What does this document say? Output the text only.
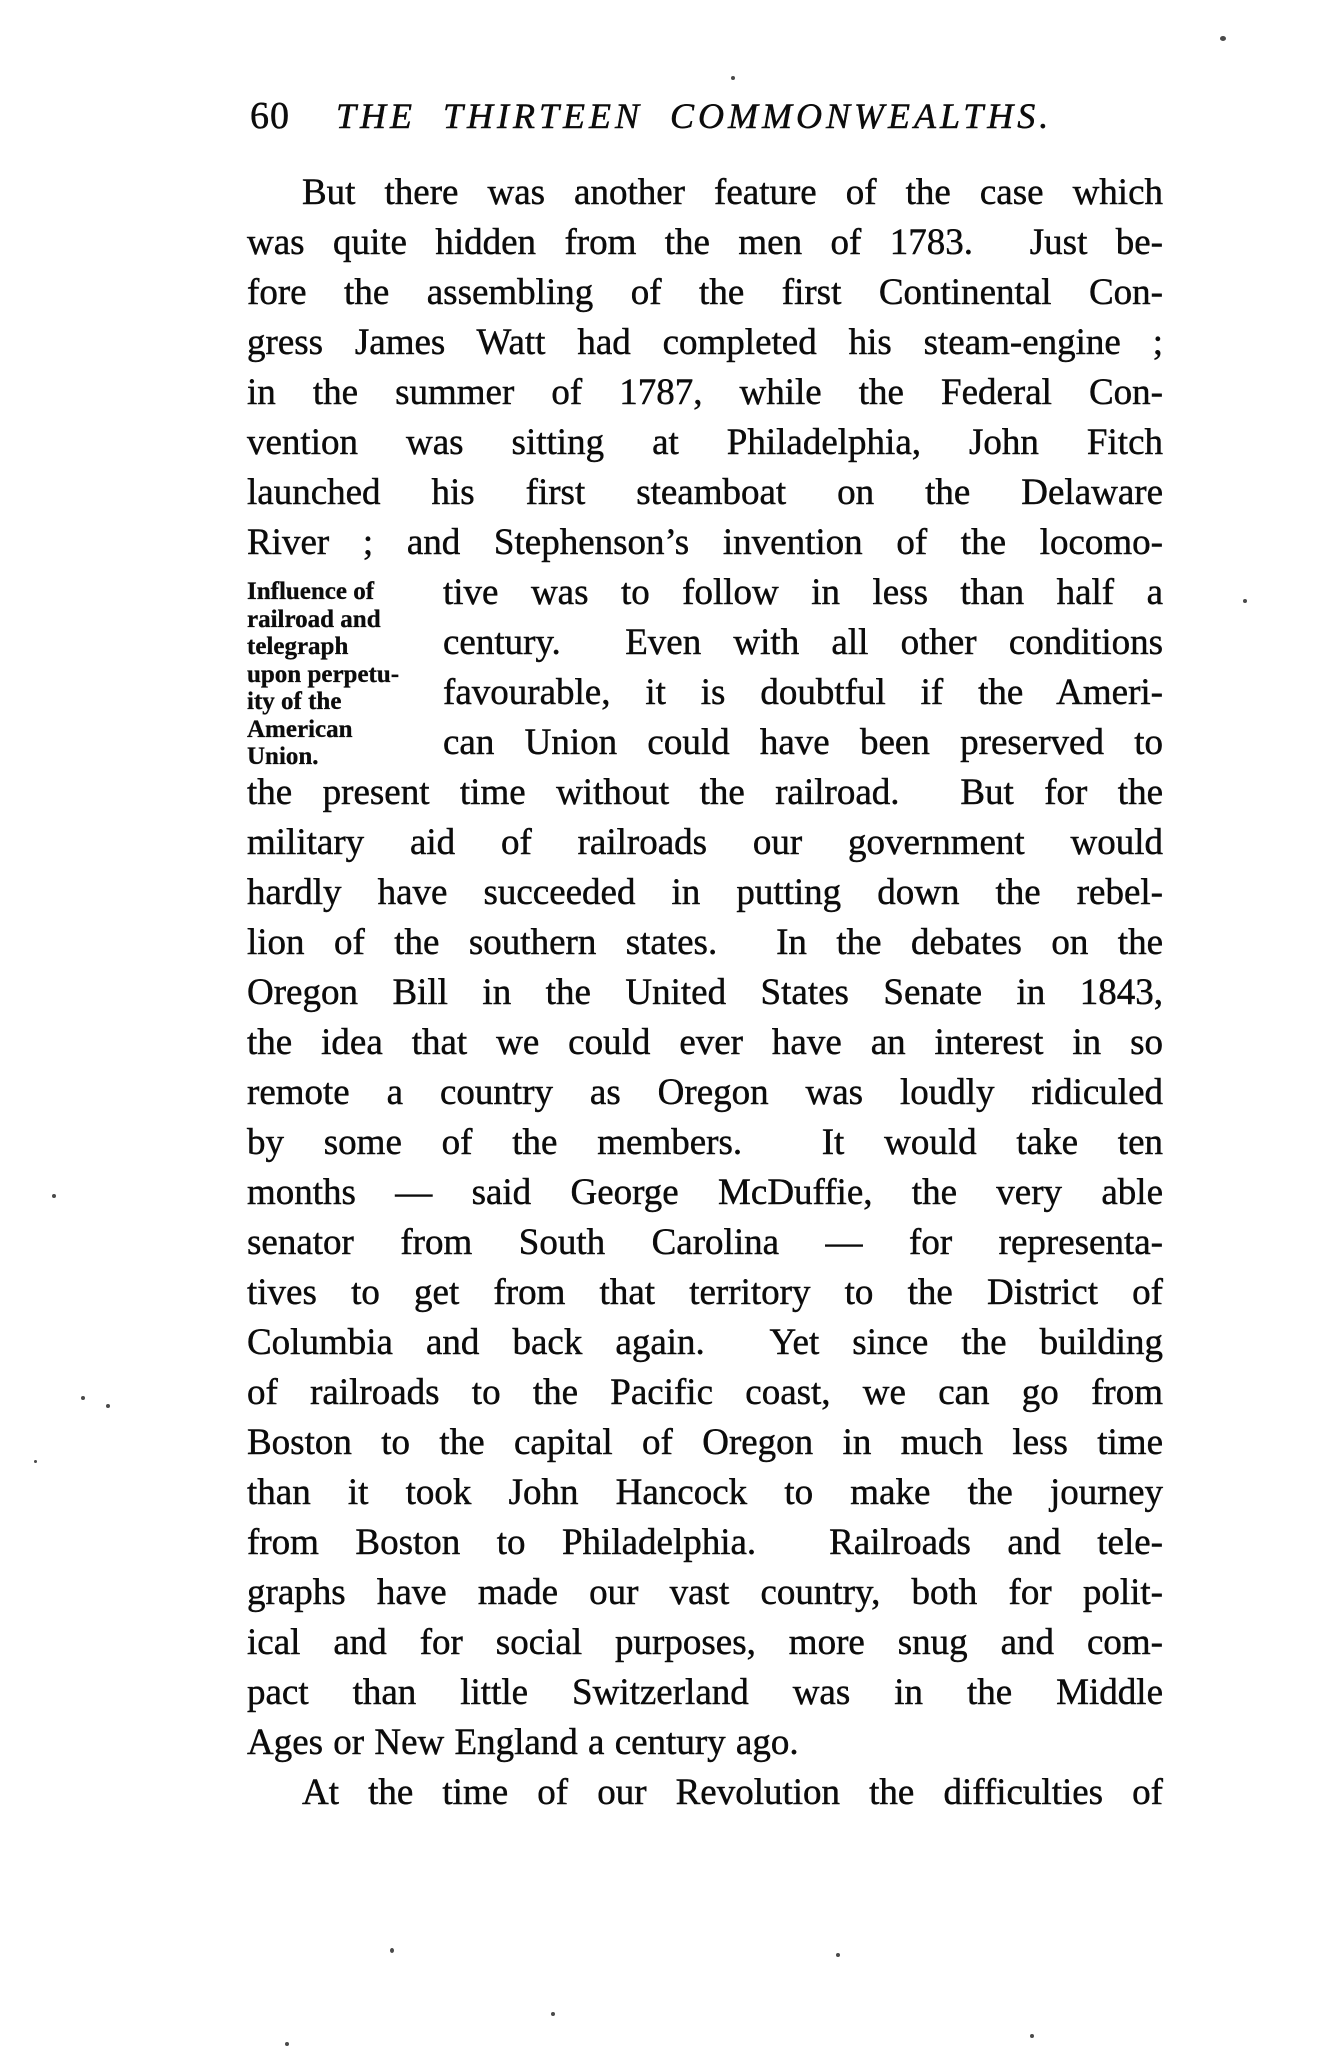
60 THE THIRTEEN COMMONWEALTHS.
Influence of
railroad and
telegraph
upon perpetu-
ity of the
American
Union.
But there was another feature of the case which
was quite hidden from the men of 1783.  Just be-
fore the assembling of the first Continental Con-
gress James Watt had completed his steam-engine ;
in the summer of 1787, while the Federal Con-
vention was sitting at Philadelphia, John Fitch
launched his first steamboat on the Delaware
River ; and Stephenson’s invention of the locomo-
tive was to follow in less than half a
century.  Even with all other conditions
favourable, it is doubtful if the Ameri-
can Union could have been preserved to
the present time without the railroad.  But for the
military aid of railroads our government would
hardly have succeeded in putting down the rebel-
lion of the southern states.  In the debates on the
Oregon Bill in the United States Senate in 1843,
the idea that we could ever have an interest in so
remote a country as Oregon was loudly ridiculed
by some of the members.  It would take ten
months — said George McDuffie, the very able
senator from South Carolina — for representa-
tives to get from that territory to the District of
Columbia and back again.  Yet since the building
of railroads to the Pacific coast, we can go from
Boston to the capital of Oregon in much less time
than it took John Hancock to make the journey
from Boston to Philadelphia.  Railroads and tele-
graphs have made our vast country, both for polit-
ical and for social purposes, more snug and com-
pact than little Switzerland was in the Middle
Ages or New England a century ago.
At the time of our Revolution the difficulties of
